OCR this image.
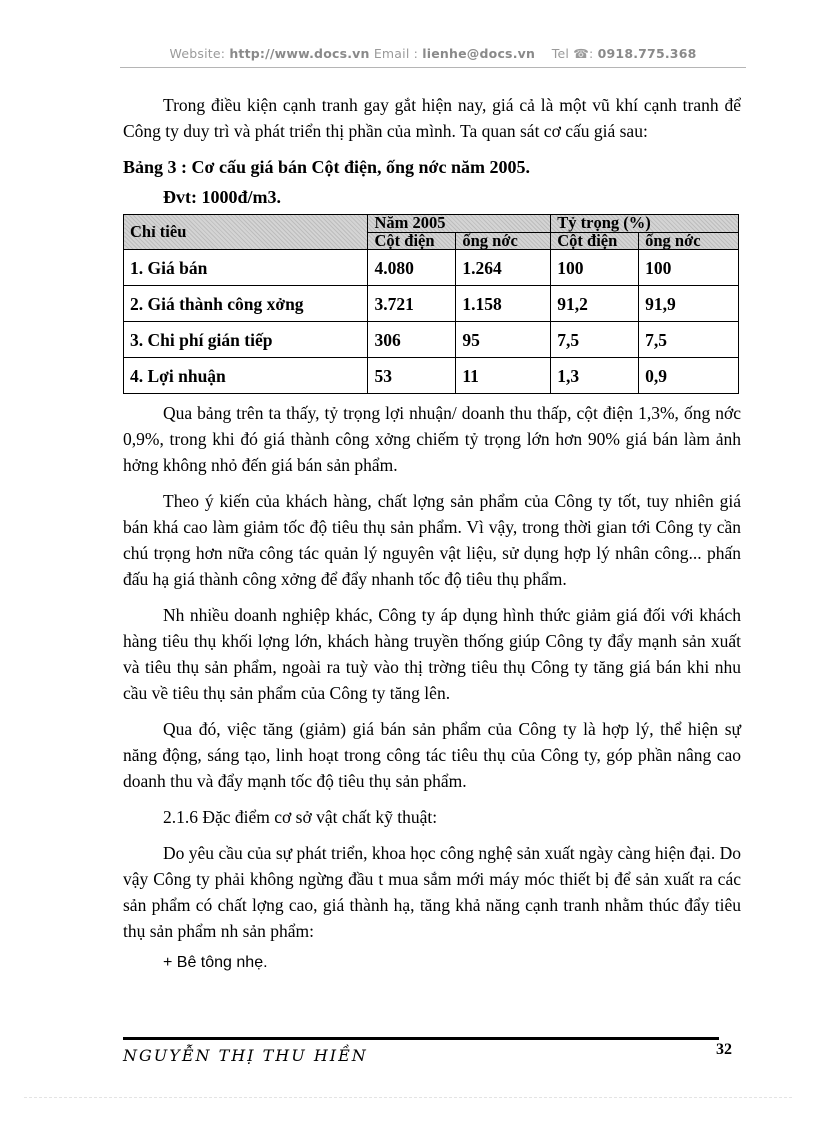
Website: http://www.docs.vn Email : lienhe@docs.vn Tel ☎: 0918.775.368

Trong điều kiện cạnh tranh gay gắt hiện nay, giá cả là một vũ khí cạnh tranh để Công ty duy trì và phát triển thị phần của mình. Ta quan sát cơ cấu giá sau:

Bảng 3 : Cơ cấu giá bán Cột điện, ống nớc năm 2005.

Đvt: 1000đ/m3.

Chỉ tiêu	Năm 2005		Tỷ trọng (%)	
	Cột điện	ống nớc	Cột điện	ống nớc
1. Giá bán	4.080	1.264	100	100
2. Giá thành công xởng	3.721	1.158	91,2	91,9
3. Chi phí gián tiếp	306	95	7,5	7,5
4. Lợi nhuận	53	11	1,3	0,9

Qua bảng trên ta thấy, tỷ trọng lợi nhuận/ doanh thu thấp, cột điện 1,3%, ống nớc 0,9%, trong khi đó giá thành công xởng chiếm tỷ trọng lớn hơn 90% giá bán làm ảnh hởng không nhỏ đến giá bán sản phẩm.

Theo ý kiến của khách hàng, chất lợng sản phẩm của Công ty tốt, tuy nhiên giá bán khá cao làm giảm tốc độ tiêu thụ sản phẩm. Vì vậy, trong thời gian tới Công ty cần chú trọng hơn nữa công tác quản lý nguyên vật liệu, sử dụng hợp lý nhân công... phấn đấu hạ giá thành công xởng để đẩy nhanh tốc độ tiêu thụ phẩm.

Nh nhiều doanh nghiệp khác, Công ty áp dụng hình thức giảm giá đối với khách hàng tiêu thụ khối lợng lớn, khách hàng truyền thống giúp Công ty đẩy mạnh sản xuất và tiêu thụ sản phẩm, ngoài ra tuỳ vào thị trờng tiêu thụ Công ty tăng giá bán khi nhu cầu về tiêu thụ sản phẩm của Công ty tăng lên.

Qua đó, việc tăng (giảm) giá bán sản phẩm của Công ty là hợp lý, thể hiện sự năng động, sáng tạo, linh hoạt trong công tác tiêu thụ của Công ty, góp phần nâng cao doanh thu và đẩy mạnh tốc độ tiêu thụ sản phẩm.

2.1.6 Đặc điểm cơ sở vật chất kỹ thuật:

Do yêu cầu của sự phát triển, khoa học công nghệ sản xuất ngày càng hiện đại. Do vậy Công ty phải không ngừng đầu t mua sắm mới máy móc thiết bị để sản xuất ra các sản phẩm có chất lợng cao, giá thành hạ, tăng khả năng cạnh tranh nhằm thúc đẩy tiêu thụ sản phẩm nh sản phẩm:

+ Bê tông nhẹ.

NGUYỄN THỊ THU HIỀN	32
